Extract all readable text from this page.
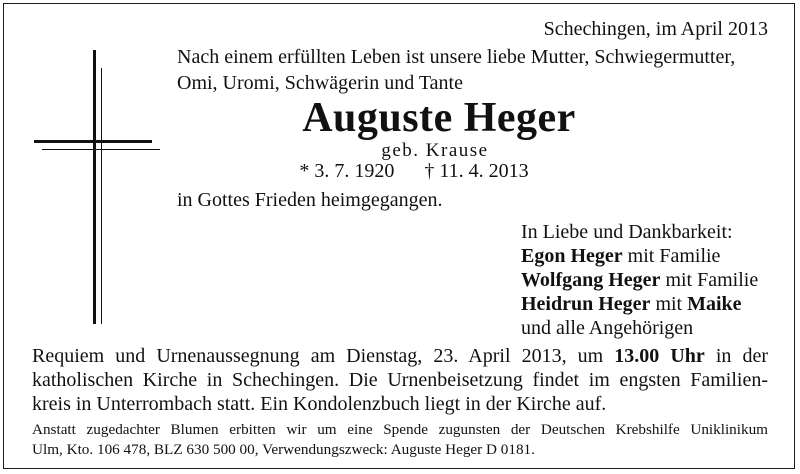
Schechingen, im April 2013
Nach einem erfüllten Leben ist unsere liebe Mutter, Schwiegermutter,
Omi, Uromi, Schwägerin und Tante
Auguste Heger
geb. Krause
* 3. 7. 1920 † 11. 4. 2013
in Gottes Frieden heimgegangen.
In Liebe und Dankbarkeit:
Egon Heger mit Familie
Wolfgang Heger mit Familie
Heidrun Heger mit Maike
und alle Angehörigen
Requiem und Urnenaussegnung am Dienstag, 23. April 2013, um 13.00 Uhr in der
katholischen Kirche in Schechingen. Die Urnenbeisetzung findet im engsten Familien-
kreis in Unterrombach statt. Ein Kondolenzbuch liegt in der Kirche auf.
Anstatt zugedachter Blumen erbitten wir um eine Spende zugunsten der Deutschen Krebshilfe Uniklinikum
Ulm, Kto. 106 478, BLZ 630 500 00, Verwendungszweck: Auguste Heger D 0181.
